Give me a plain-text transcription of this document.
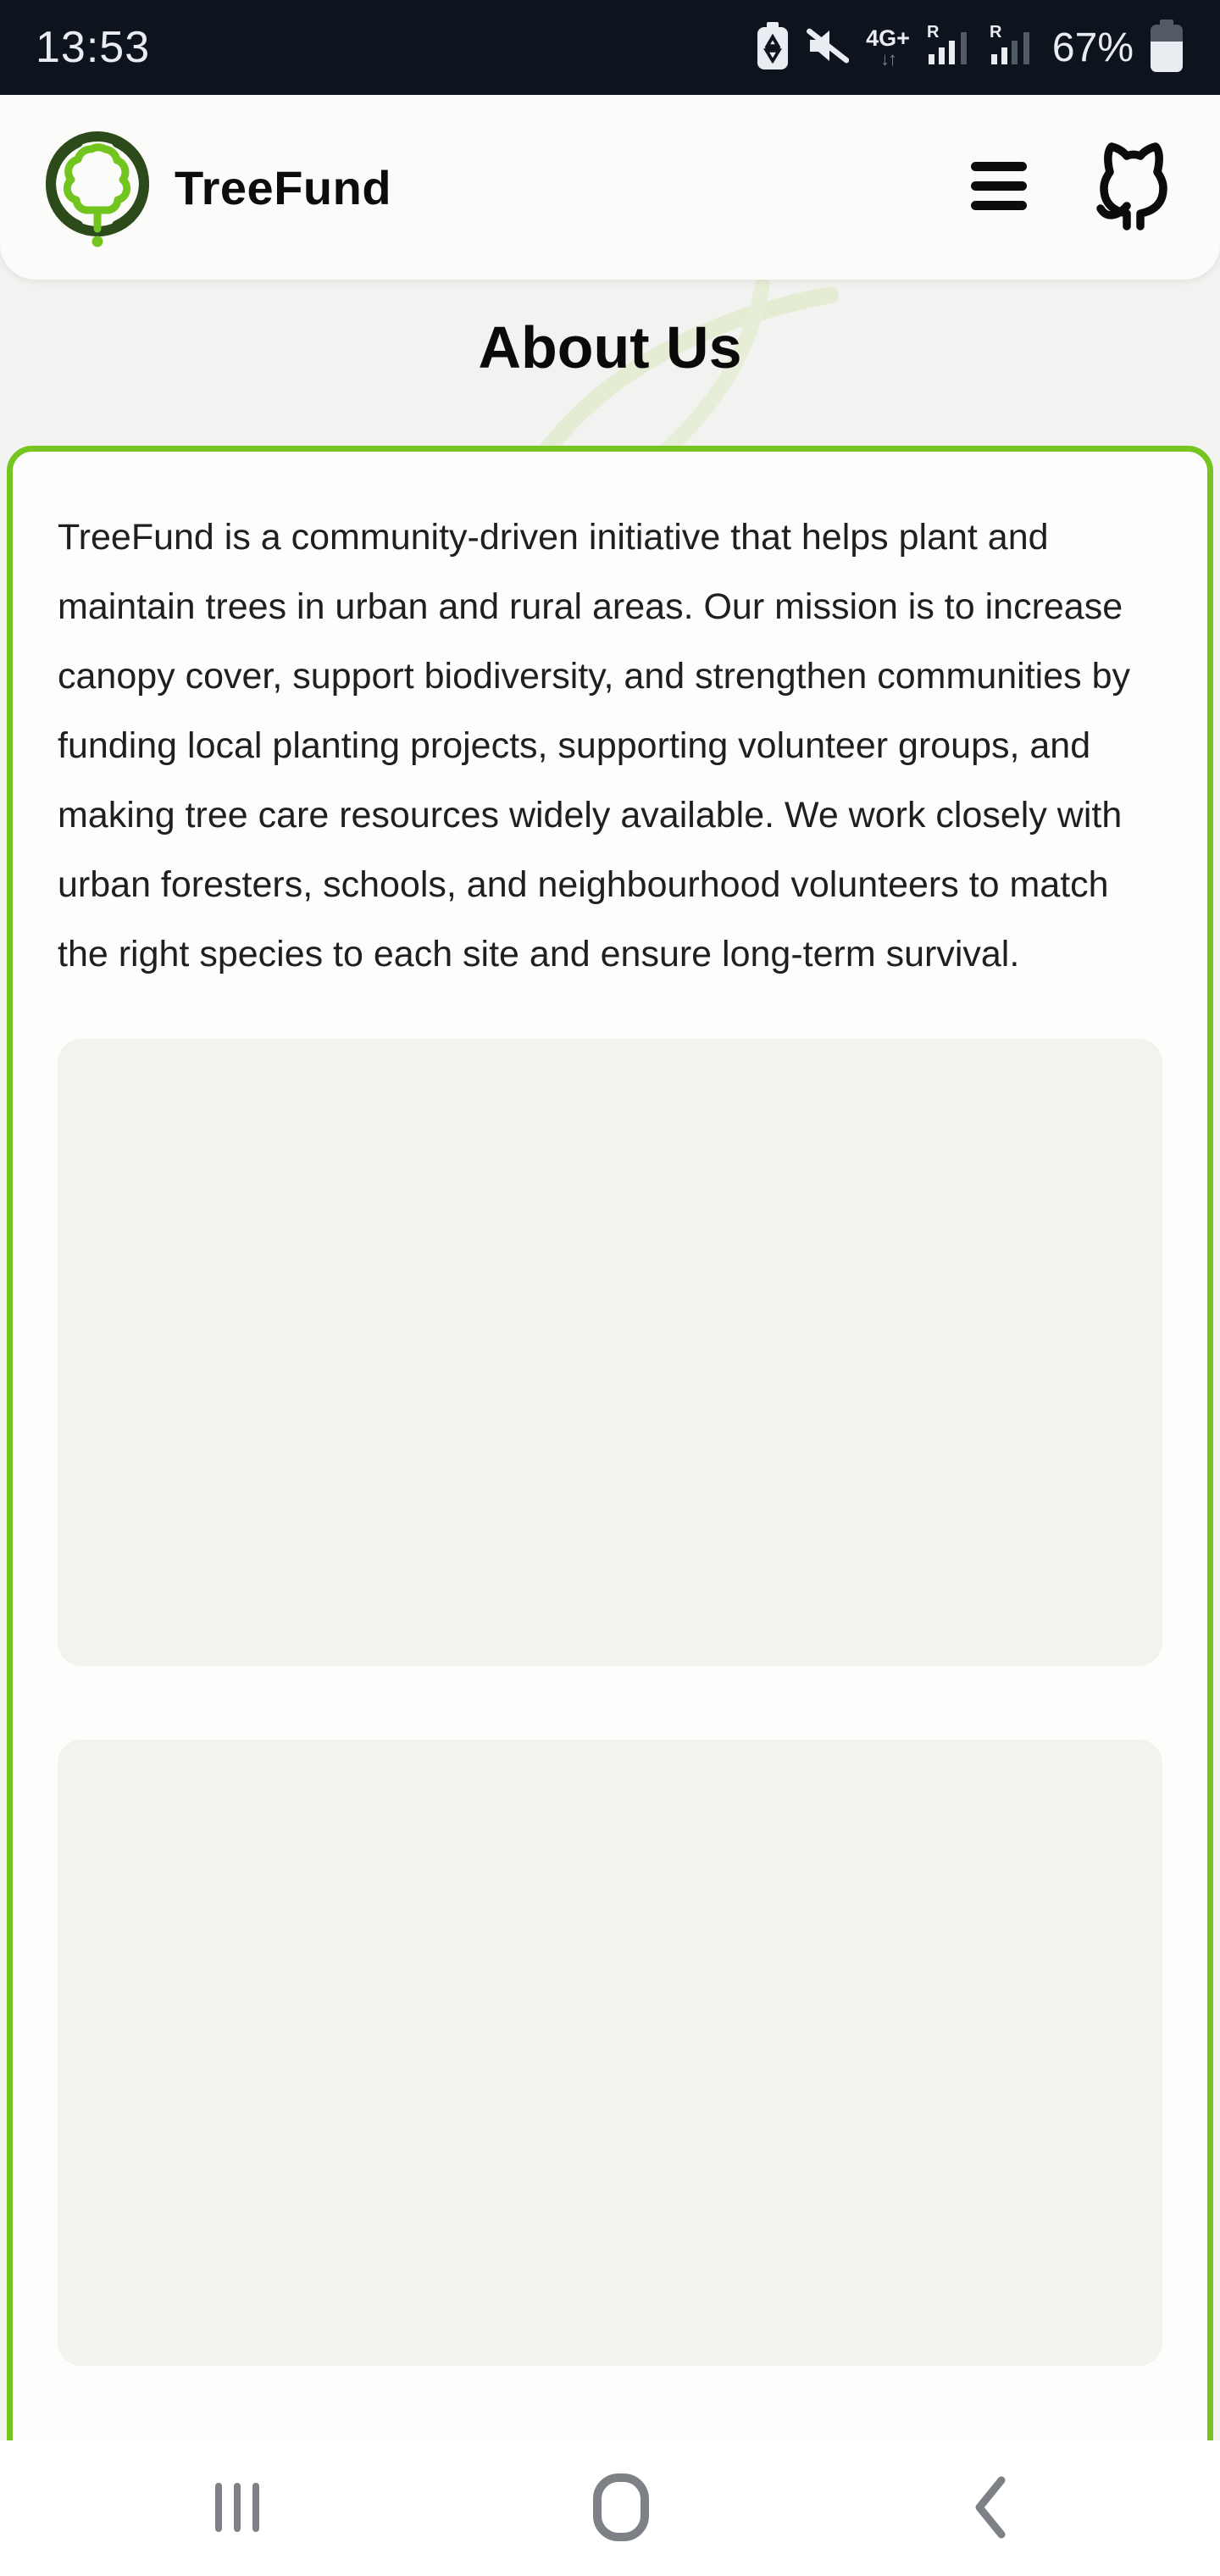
13:53	4G+
↓↑
R	R 67%
TreeFund
About Us

TreeFund is a community-driven initiative that helps plant and maintain trees in urban and rural areas. Our mission is to increase canopy cover, support biodiversity, and strengthen communities by funding local planting projects, supporting volunteer groups, and making tree care resources widely available. We work closely with urban foresters, schools, and neighbourhood volunteers to match the right species to each site and ensure long-term survival.
